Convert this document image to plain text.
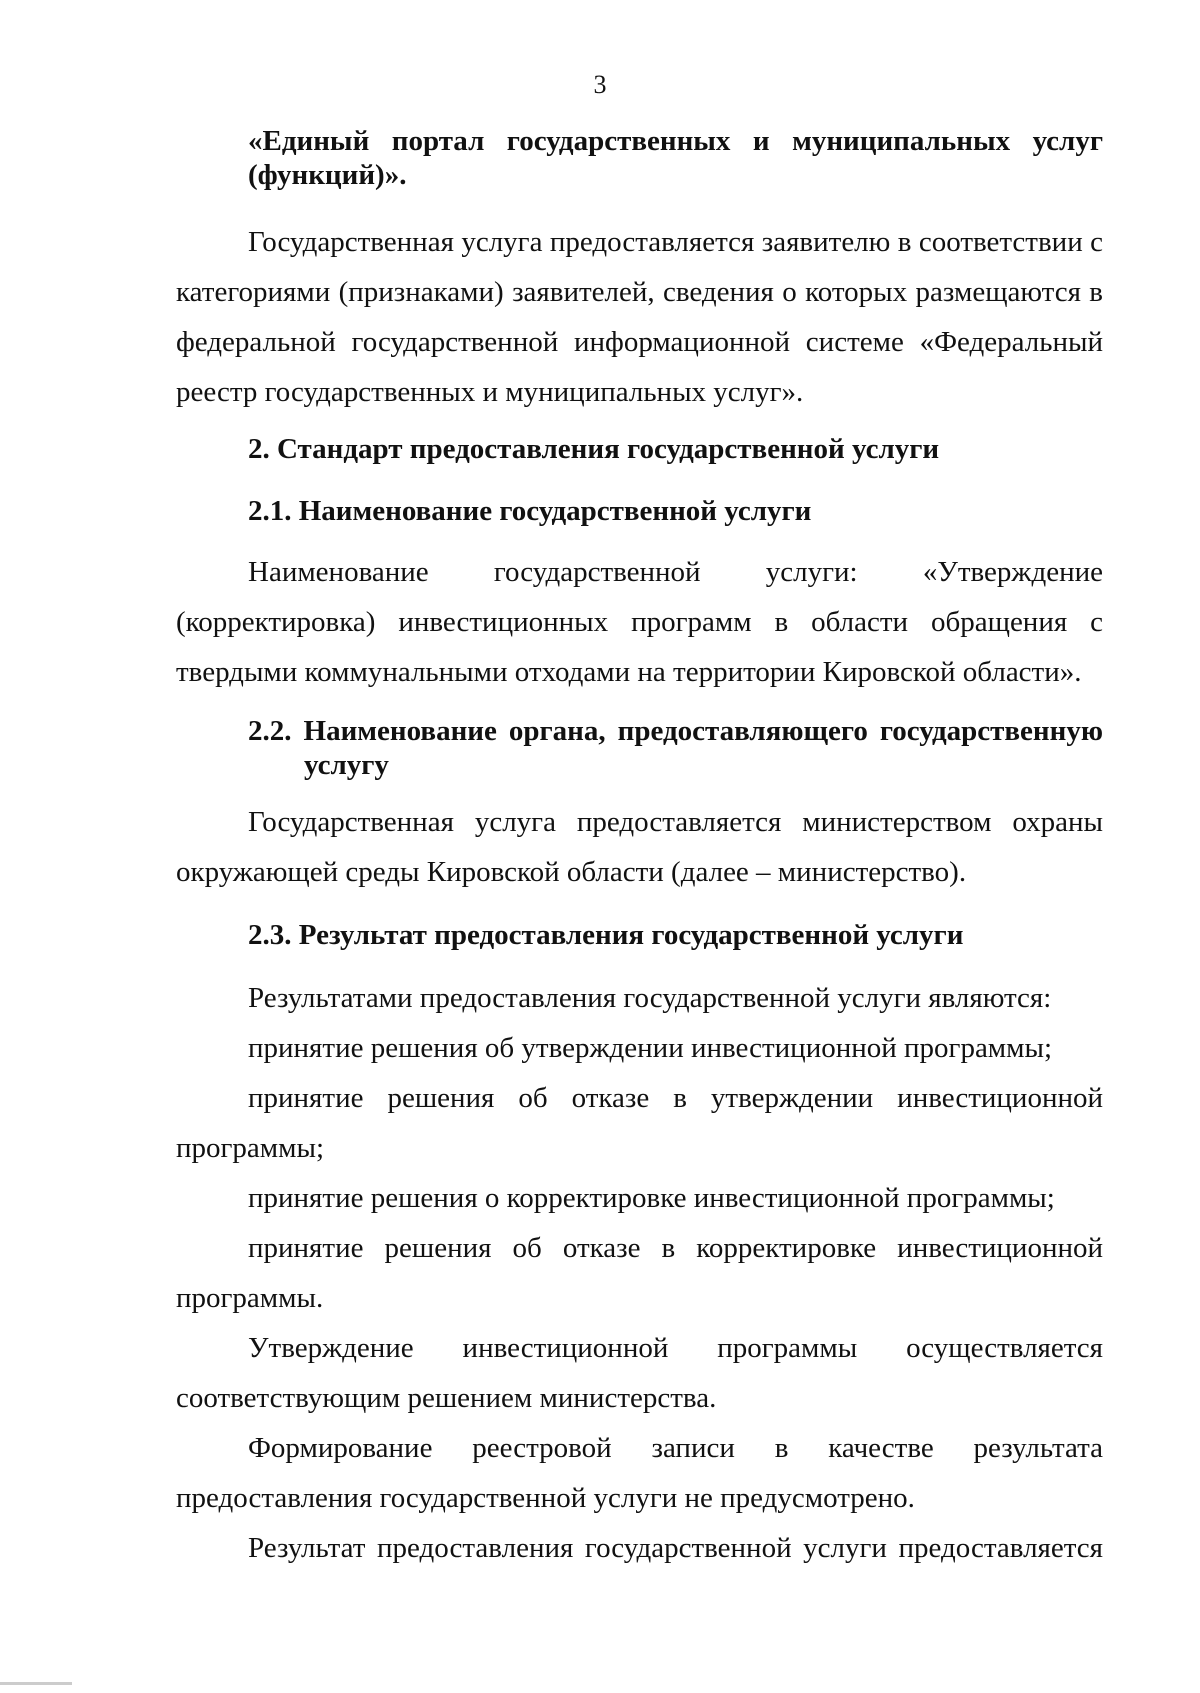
3
«Единый портал государственных и муниципальных услуг
(функций)».
Государственная услуга предоставляется заявителю в соответствии с
категориями (признаками) заявителей, сведения о которых размещаются в
федеральной государственной информационной системе «Федеральный
реестр государственных и муниципальных услуг».
2. Стандарт предоставления государственной услуги
2.1. Наименование государственной услуги
Наименование государственной услуги: «Утверждение
(корректировка) инвестиционных программ в области обращения с
твердыми коммунальными отходами на территории Кировской области».
2.2. Наименование органа, предоставляющего государственную
услугу
Государственная услуга предоставляется министерством охраны
окружающей среды Кировской области (далее – министерство).
2.3. Результат предоставления государственной услуги
Результатами предоставления государственной услуги являются:
принятие решения об утверждении инвестиционной программы;
принятие решения об отказе в утверждении инвестиционной
программы;
принятие решения о корректировке инвестиционной программы;
принятие решения об отказе в корректировке инвестиционной
программы.
Утверждение инвестиционной программы осуществляется
соответствующим решением министерства.
Формирование реестровой записи в качестве результата
предоставления государственной услуги не предусмотрено.
Результат предоставления государственной услуги предоставляется
